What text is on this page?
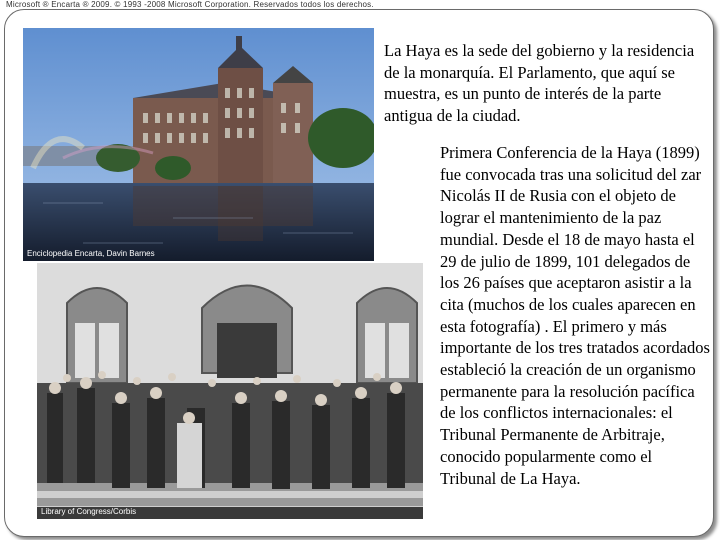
Microsoft ® Encarta ® 2009. © 1993 -2008 Microsoft Corporation. Reservados todos los derechos.
Enciclopedia Encarta, Davin Barnes
Library of Congress/Corbis
La Haya es la sede del gobierno y la residencia de la monarquía. El Parlamento, que aquí se muestra, es un punto de interés de la parte antigua de la ciudad.
Primera Conferencia de la Haya (1899) fue convocada tras una solicitud del zar Nicolás II de Rusia con el objeto de lograr el mantenimiento de la paz mundial. Desde el 18 de mayo hasta el 29 de julio de 1899, 101 delegados de los 26 países que aceptaron asistir a la cita (muchos de los cuales aparecen en esta fotografía) . El primero y más importante de los tres tratados acordados estableció la creación de un organismo permanente para la resolución pacífica de los conflictos internacionales: el Tribunal Permanente de Arbitraje, conocido popularmente como el Tribunal de La Haya.
